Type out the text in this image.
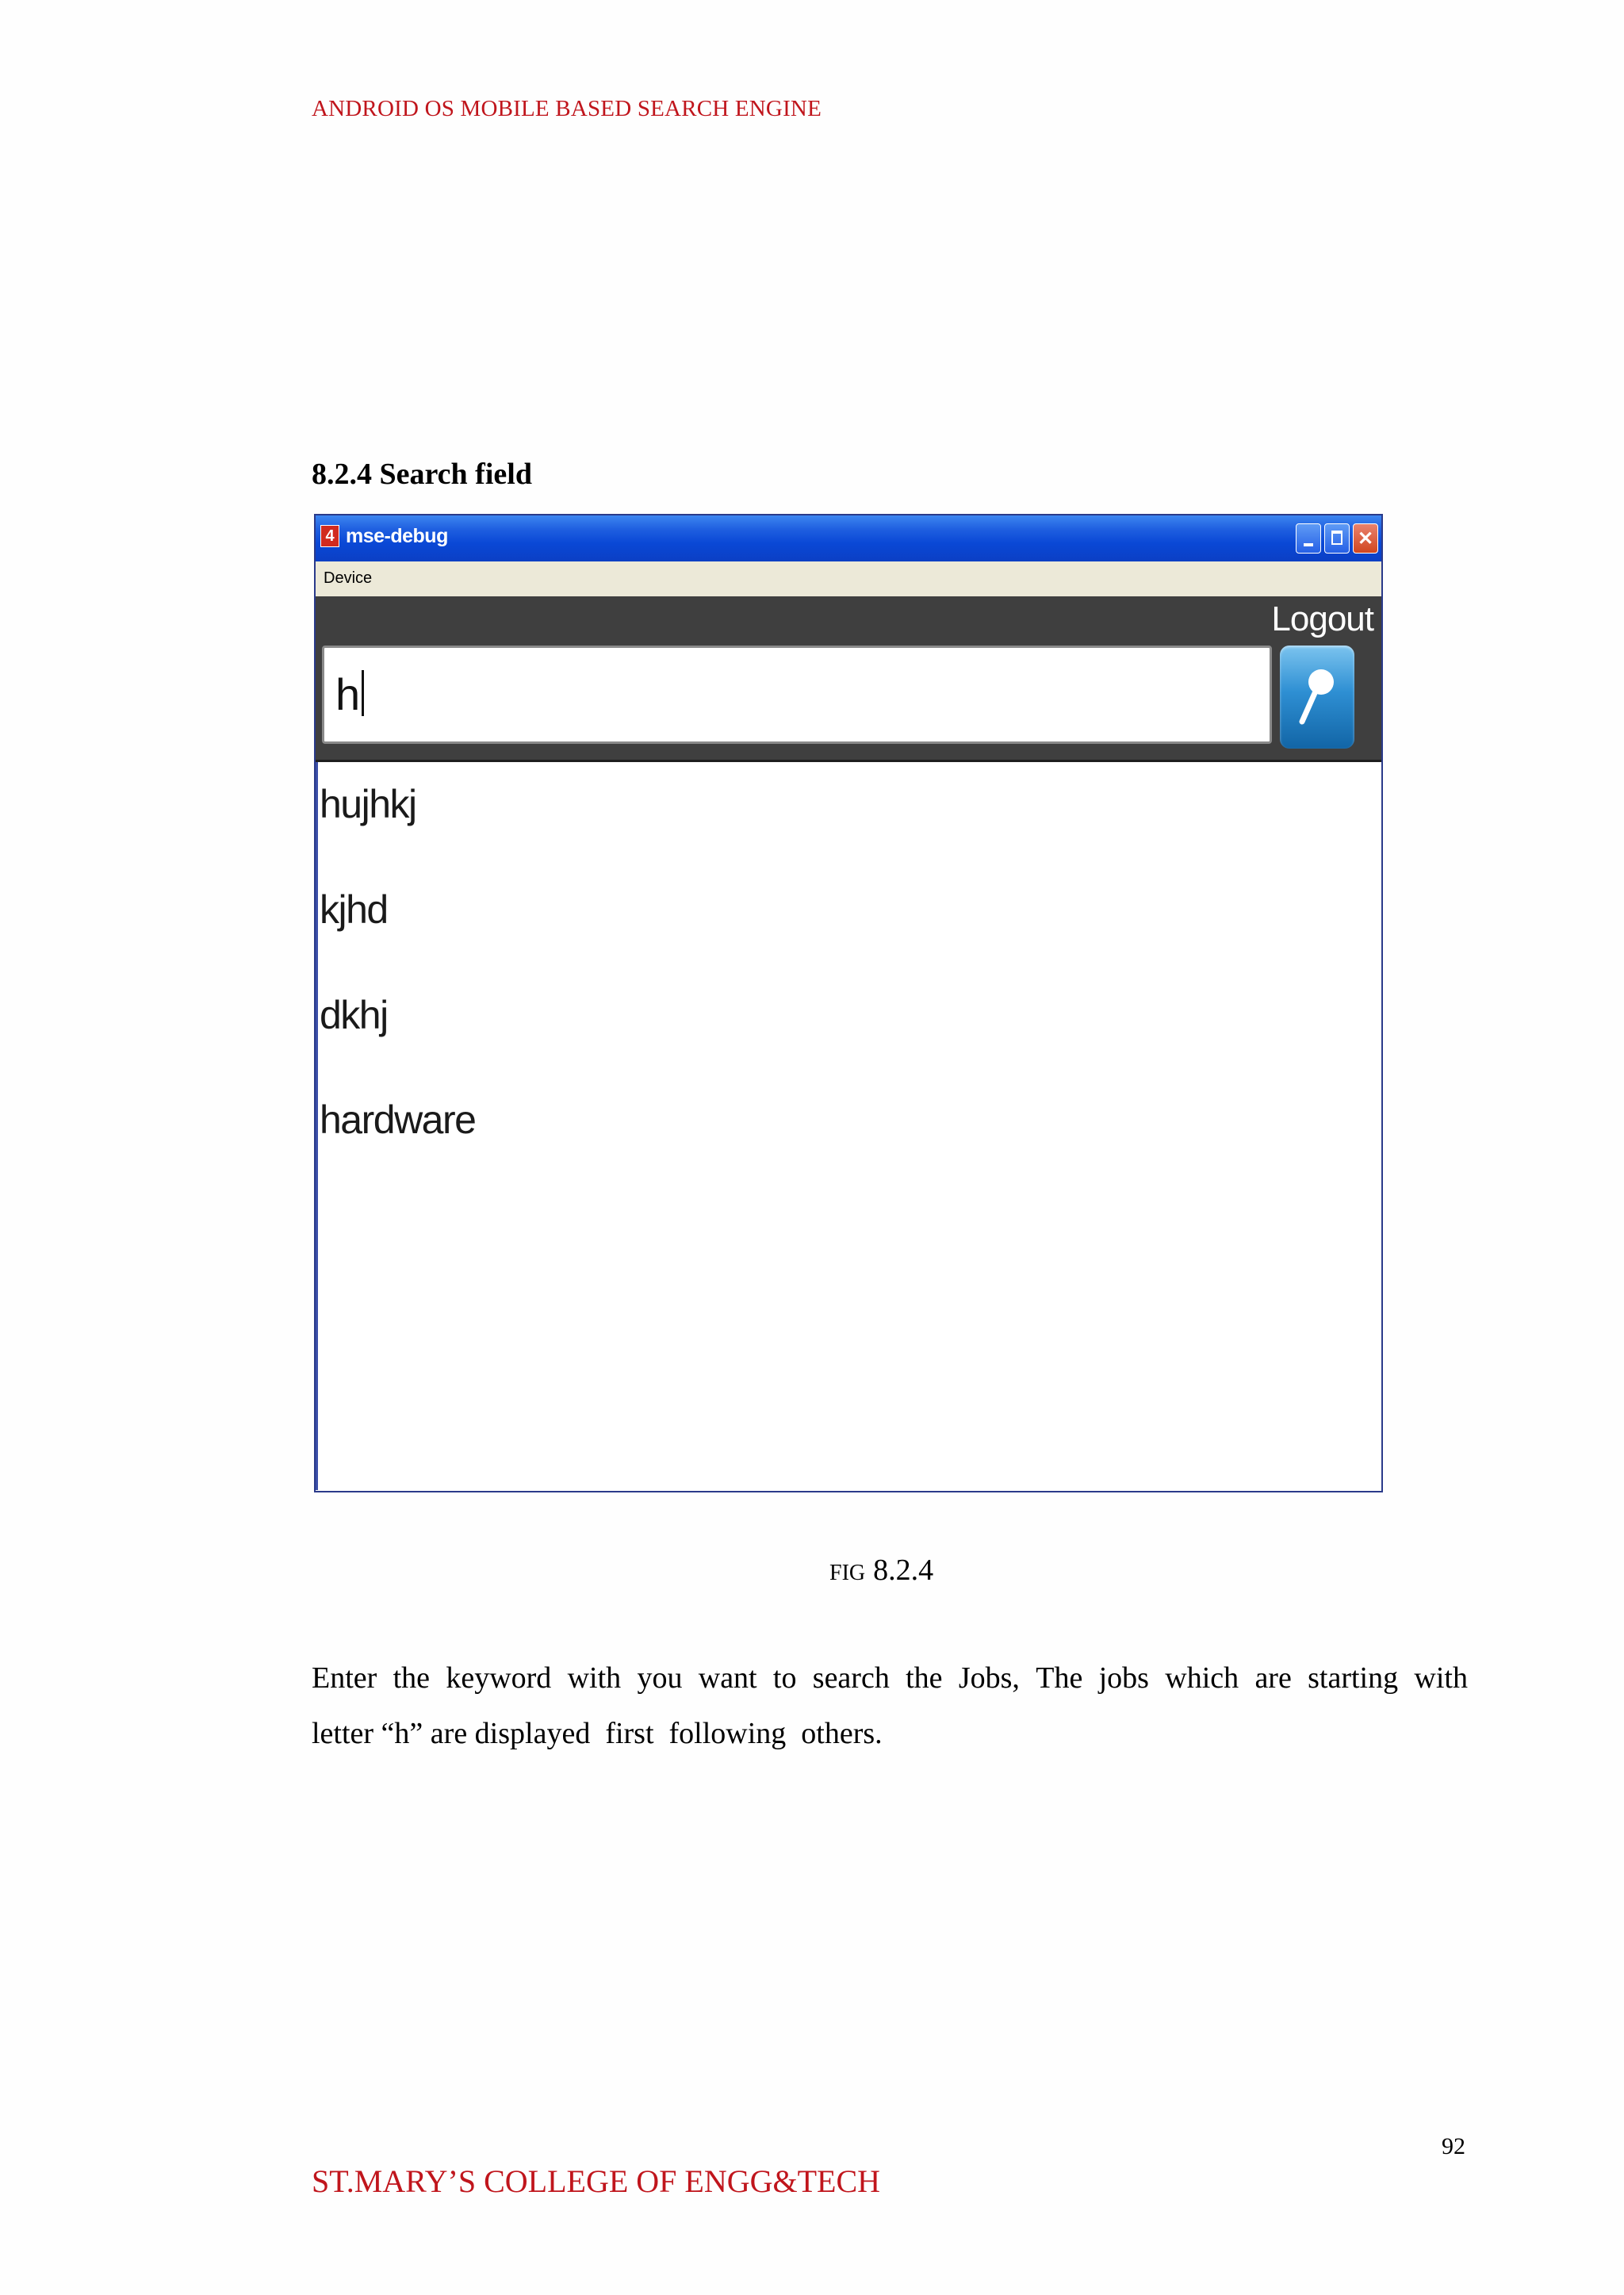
ANDROID OS MOBILE BASED SEARCH ENGINE
8.2.4 Search field
4 mse-debug	✕
Device
Logout
h
hujhkj
kjhd
dkhj
hardware
FIG 8.2.4
Enter the keyword with you want to search the Jobs, The jobs which are starting with
letter “h” are displayed  first  following  others.
92
ST.MARY’S COLLEGE OF ENGG&TECH
